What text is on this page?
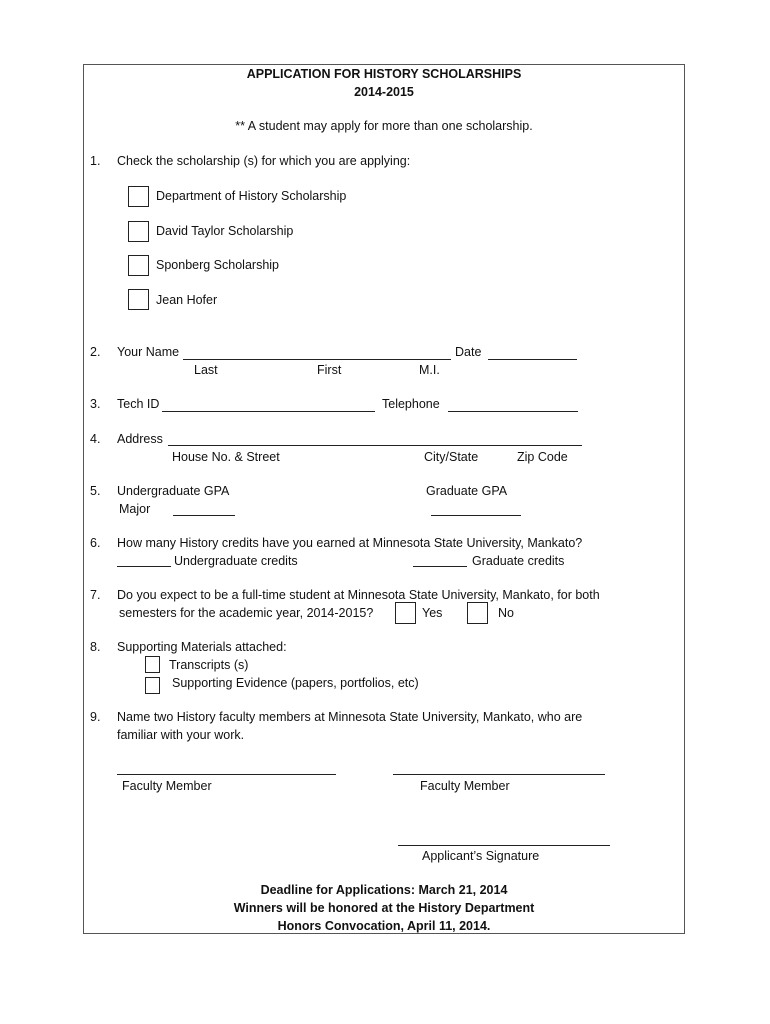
APPLICATION FOR HISTORY SCHOLARSHIPS
2014-2015
** A student may apply for more than one scholarship.
1. Check the scholarship (s) for which you are applying:
Department of History Scholarship
David Taylor Scholarship
Sponberg Scholarship
Jean Hofer
2. Your Name	Date
Last	First	M.I.
3. Tech ID	Telephone
4. Address
House No. & Street	City/State	Zip Code
5. Undergraduate GPA	Graduate GPA
Major
6. How many History credits have you earned at Minnesota State University, Mankato?
Undergraduate credits	Graduate credits
7. Do you expect to be a full-time student at Minnesota State University, Mankato, for both
semesters for the academic year, 2014-2015?	Yes	No
8. Supporting Materials attached:
Transcripts (s)
Supporting Evidence (papers, portfolios, etc)
9. Name two History faculty members at Minnesota State University, Mankato, who are
familiar with your work.
Faculty Member	Faculty Member
Applicant’s Signature
Deadline for Applications: March 21, 2014
Winners will be honored at the History Department
Honors Convocation, April 11, 2014.
